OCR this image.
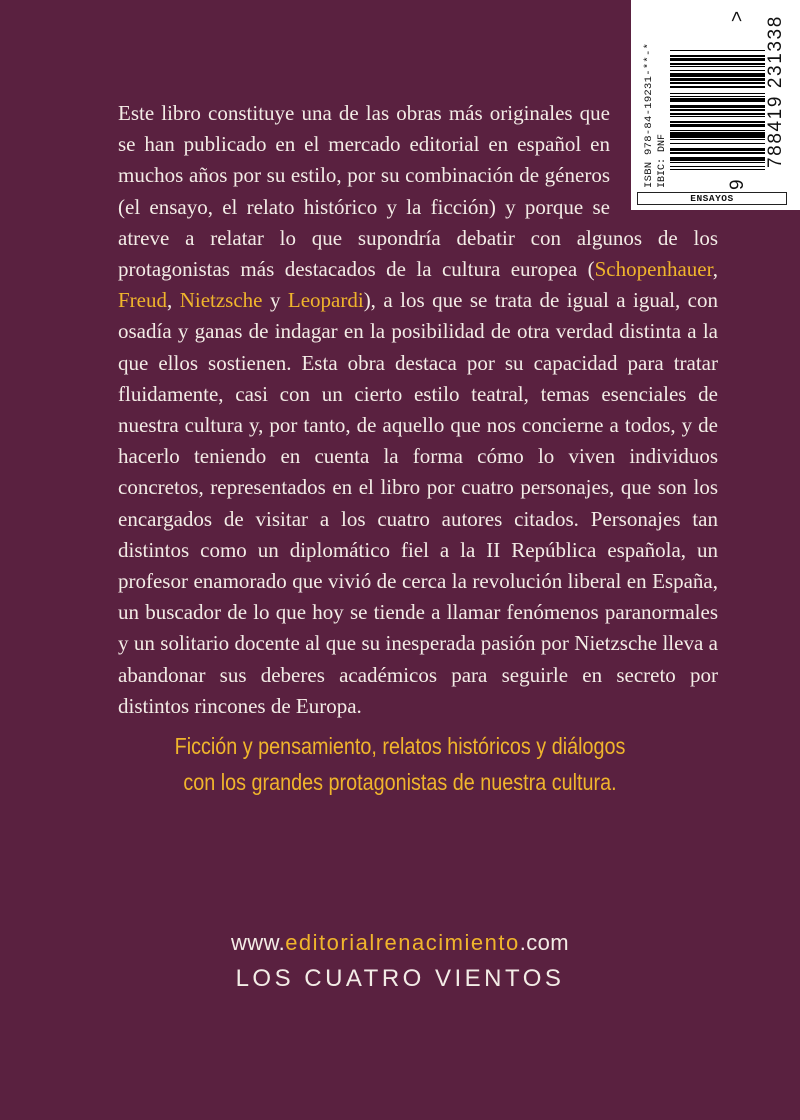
ISBN 978-84-19231-**-* IBIC: DNF	9
788419 231338
>
ENSAYOS
Este libro constituye una de las obras más originales que se han publicado en el mercado editorial en español en muchos años por su estilo, por su combinación de géneros (el ensayo, el relato histórico y la ficción) y porque se atreve a relatar lo que supondría debatir con algunos de los protagonistas más destacados de la cultura europea (Schopenhauer, Freud, Nietzsche y Leopardi), a los que se trata de igual a igual, con osadía y ganas de indagar en la posibilidad de otra verdad distinta a la que ellos sostienen. Esta obra destaca por su capacidad para tratar fluidamente, casi con un cierto estilo teatral, temas esenciales de nuestra cultura y, por tanto, de aquello que nos concierne a todos, y de hacerlo teniendo en cuenta la forma cómo lo viven individuos concretos, representados en el libro por cuatro personajes, que son los encargados de visitar a los cuatro autores citados. Personajes tan distintos como un diplomático fiel a la II República española, un profesor enamorado que vivió de cerca la revolución liberal en España, un buscador de lo que hoy se tiende a llamar fenómenos paranormales y un solitario docente al que su inesperada pasión por Nietzsche lleva a abandonar sus deberes académicos para seguirle en secreto por distintos rincones de Europa.
Ficción y pensamiento, relatos históricos y diálogos
con los grandes protagonistas de nuestra cultura.
www.editorialrenacimiento.com
LOS CUATRO VIENTOS
